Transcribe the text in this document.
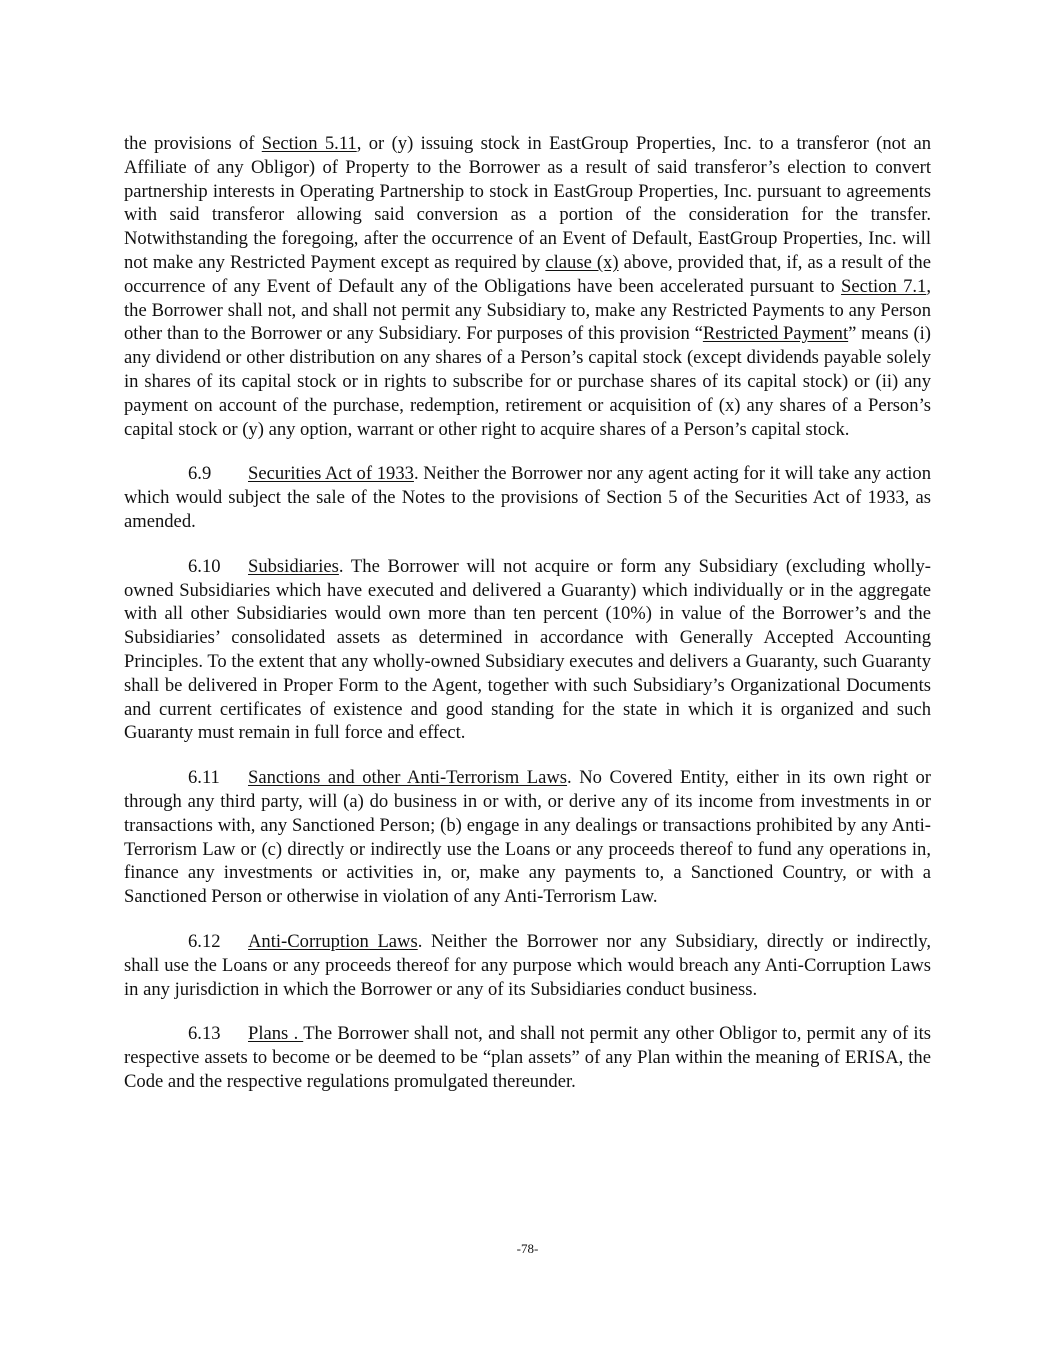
the provisions of Section 5.11, or (y) issuing stock in EastGroup Properties, Inc. to a transferor (not an Affiliate of any Obligor) of Property to the Borrower as a result of said transferor’s election to convert partnership interests in Operating Partnership to stock in EastGroup Properties, Inc. pursuant to agreements with said transferor allowing said conversion as a portion of the consideration for the transfer. Notwithstanding the foregoing, after the occurrence of an Event of Default, EastGroup Properties, Inc. will not make any Restricted Payment except as required by clause (x) above, provided that, if, as a result of the occurrence of any Event of Default any of the Obligations have been accelerated pursuant to Section 7.1, the Borrower shall not, and shall not permit any Subsidiary to, make any Restricted Payments to any Person other than to the Borrower or any Subsidiary. For purposes of this provision “Restricted Payment” means (i) any dividend or other distribution on any shares of a Person’s capital stock (except dividends payable solely in shares of its capital stock or in rights to subscribe for or purchase shares of its capital stock) or (ii) any payment on account of the purchase, redemption, retirement or acquisition of (x) any shares of a Person’s capital stock or (y) any option, warrant or other right to acquire shares of a Person’s capital stock.

6.9 Securities Act of 1933. Neither the Borrower nor any agent acting for it will take any action which would subject the sale of the Notes to the provisions of Section 5 of the Securities Act of 1933, as amended.

6.10 Subsidiaries. The Borrower will not acquire or form any Subsidiary (excluding wholly-owned Subsidiaries which have executed and delivered a Guaranty) which individually or in the aggregate with all other Subsidiaries would own more than ten percent (10%) in value of the Borrower’s and the Subsidiaries’ consolidated assets as determined in accordance with Generally Accepted Accounting Principles. To the extent that any wholly-owned Subsidiary executes and delivers a Guaranty, such Guaranty shall be delivered in Proper Form to the Agent, together with such Subsidiary’s Organizational Documents and current certificates of existence and good standing for the state in which it is organized and such Guaranty must remain in full force and effect.

6.11 Sanctions and other Anti-Terrorism Laws. No Covered Entity, either in its own right or through any third party, will (a) do business in or with, or derive any of its income from investments in or transactions with, any Sanctioned Person; (b) engage in any dealings or transactions prohibited by any Anti-Terrorism Law or (c) directly or indirectly use the Loans or any proceeds thereof to fund any operations in, finance any investments or activities in, or, make any payments to, a Sanctioned Country, or with a Sanctioned Person or otherwise in violation of any Anti-Terrorism Law.

6.12 Anti-Corruption Laws. Neither the Borrower nor any Subsidiary, directly or indirectly, shall use the Loans or any proceeds thereof for any purpose which would breach any Anti-Corruption Laws in any jurisdiction in which the Borrower or any of its Subsidiaries conduct business.

6.13 Plans . The Borrower shall not, and shall not permit any other Obligor to, permit any of its respective assets to become or be deemed to be “plan assets” of any Plan within the meaning of ERISA, the Code and the respective regulations promulgated thereunder.

-78-
